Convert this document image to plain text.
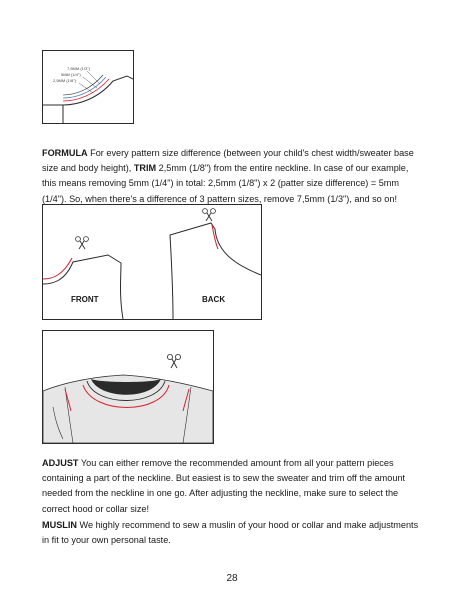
7,5MM (1/3")
5MM (1/4")
2,5MM (1/8")

FORMULA For every pattern size difference (between your child's chest width/sweater base size and body height), TRIM 2,5mm (1/8") from the entire neckline. In case of our example, this means removing 5mm (1/4") in total: 2,5mm (1/8") x 2 (patter size difference) = 5mm (1/4"). So, when there's a difference of 3 pattern sizes, remove 7,5mm (1/3"), and so on!

FRONT	BACK

ADJUST You can either remove the recommended amount from all your pattern pieces containing a part of the neckline. But easiest is to sew the sweater and trim off the amount needed from the neckline in one go. After adjusting the neckline, make sure to select the correct hood or collar size!

MUSLIN We highly recommend to sew a muslin of your hood or collar and make adjustments in fit to your own personal taste.

28
